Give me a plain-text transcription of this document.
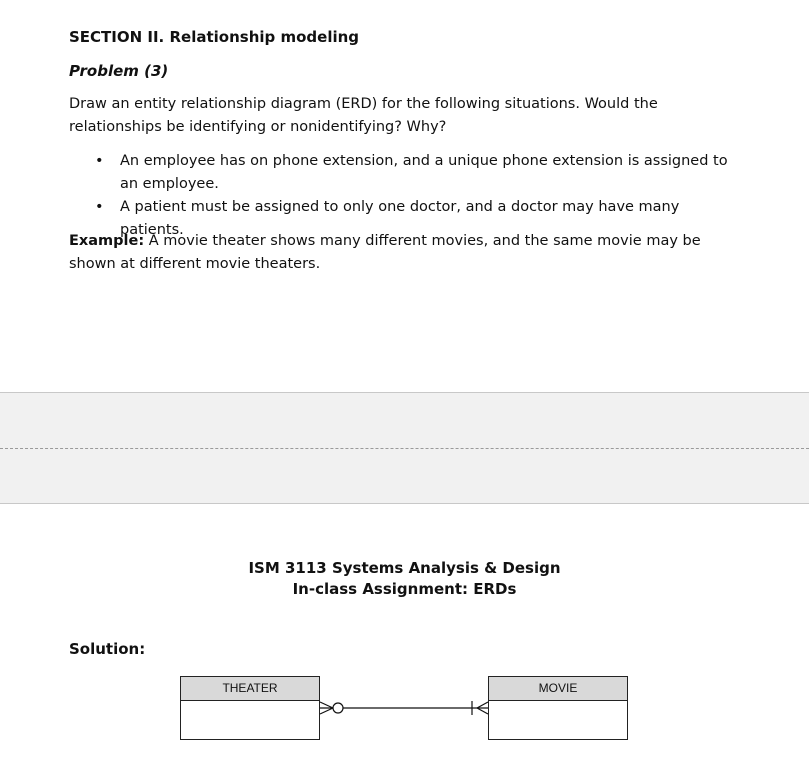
SECTION II. Relationship modeling
Problem (3)
Draw an entity relationship diagram (ERD) for the following situations. Would the relationships be identifying or nonidentifying? Why?
• An employee has on phone extension, and a unique phone extension is assigned to an employee.
• A patient must be assigned to only one doctor, and a doctor may have many patients.
Example: A movie theater shows many different movies, and the same movie may be shown at different movie theaters.
ISM 3113 Systems Analysis & Design
In-class Assignment: ERDs
Solution:
THEATER	MOVIE
